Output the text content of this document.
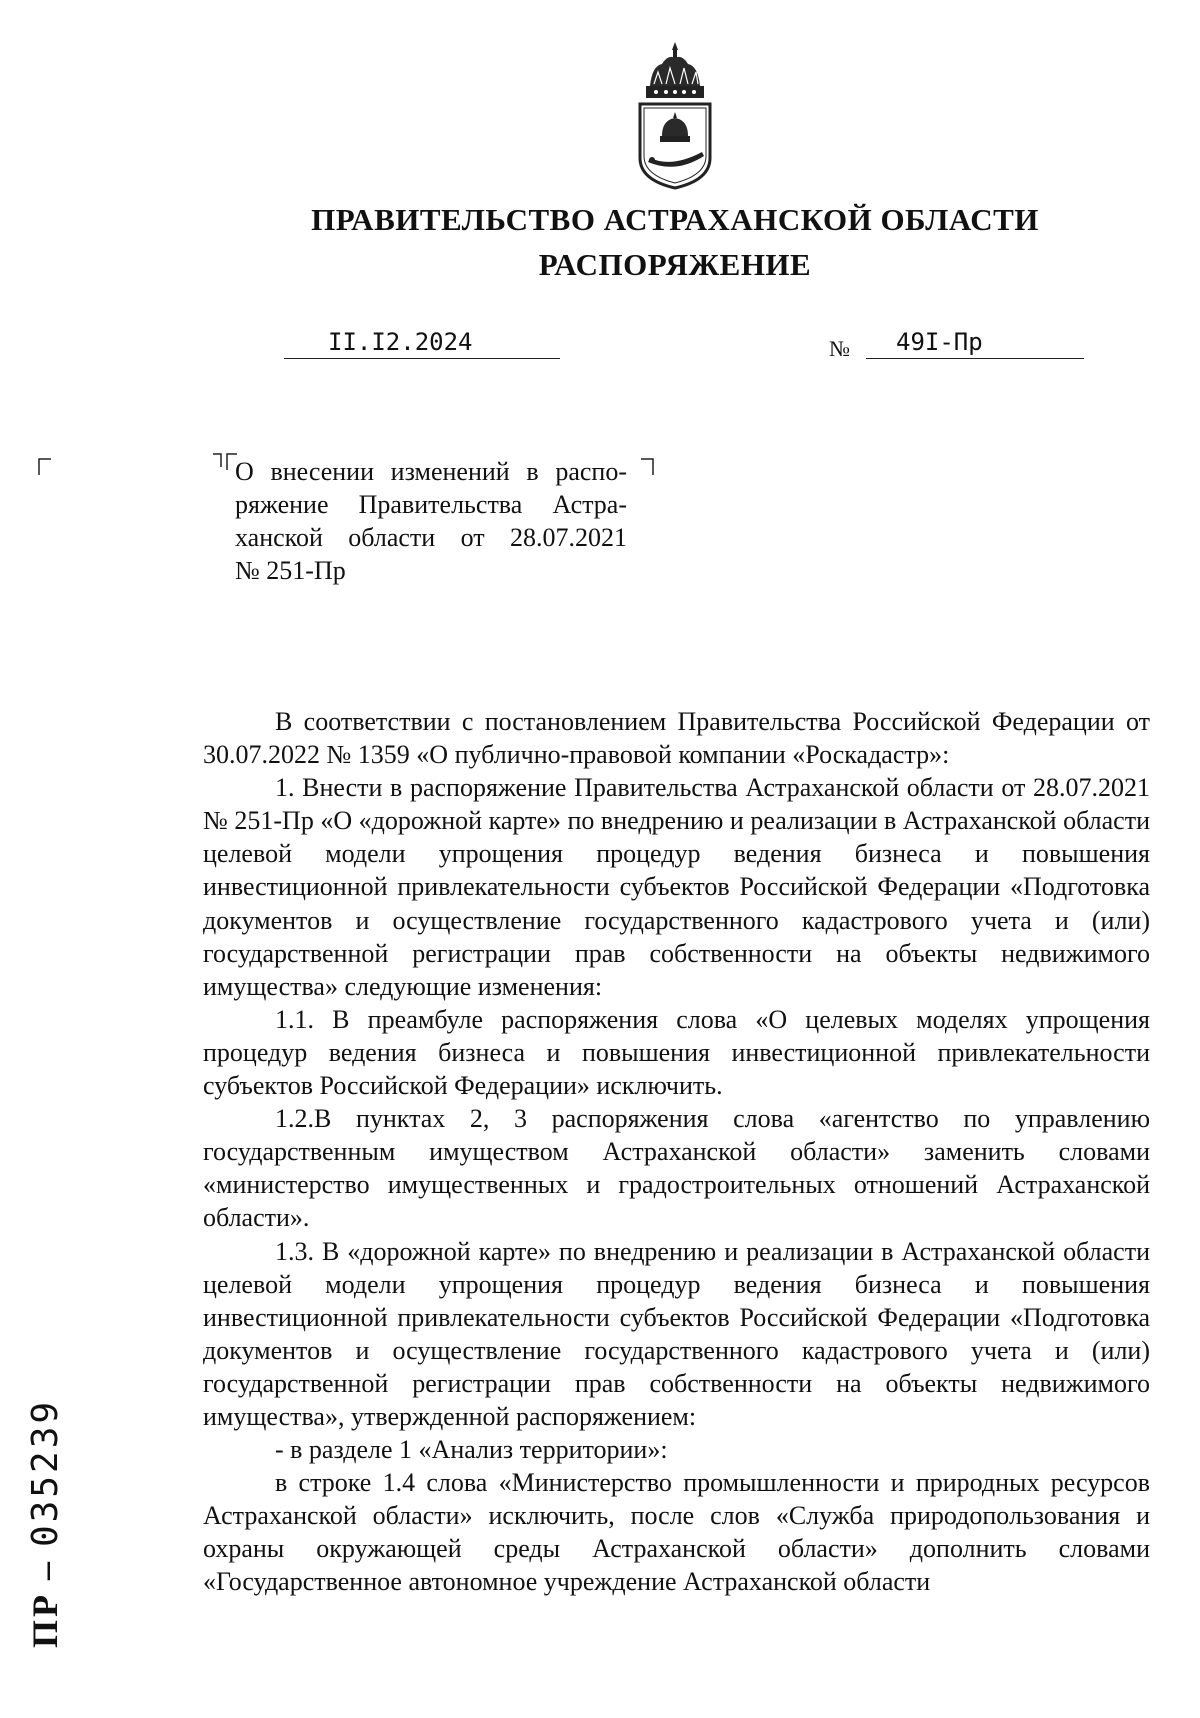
ПРАВИТЕЛЬСТВО АСТРАХАНСКОЙ ОБЛАСТИ
РАСПОРЯЖЕНИЕ
II.I2.2024	№	49I-Пр
О внесении изменений в распо-
ряжение Правительства Астра-
ханской области от 28.07.2021

№ 251-Пр

В соответствии с постановлением Правительства Российской Федерации от 30.07.2022 № 1359 «О публично-правовой компании «Роскадастр»:

1. Внести в распоряжение Правительства Астраханской области от 28.07.2021 № 251-Пр «О «дорожной карте» по внедрению и реализации в Астраханской области целевой модели упрощения процедур ведения бизнеса и повышения инвестиционной привлекательности субъектов Российской Федерации «Подготовка документов и осуществление государственного кадастрового учета и (или) государственной регистрации прав собственности на объекты недвижимого имущества» следующие изменения:

1.1. В преамбуле распоряжения слова «О целевых моделях упрощения процедур ведения бизнеса и повышения инвестиционной привлекательности субъектов Российской Федерации» исключить.

1.2.В пунктах 2, 3 распоряжения слова «агентство по управлению государственным имуществом Астраханской области» заменить словами «министерство имущественных и градостроительных отношений Астраханской области».

1.3. В «дорожной карте» по внедрению и реализации в Астраханской области целевой модели упрощения процедур ведения бизнеса и повышения инвестиционной привлекательности субъектов Российской Федерации «Подготовка документов и осуществление государственного кадастрового учета и (или) государственной регистрации прав собственности на объекты недвижимого имущества», утвержденной распоряжением:

- в разделе 1 «Анализ территории»:

в строке 1.4 слова «Министерство промышленности и природных ресурсов Астраханской области» исключить, после слов «Служба природопользования и охраны окружающей среды Астраханской области» дополнить словами «Государственное автономное учреждение Астраханской области

ПР – 035239
